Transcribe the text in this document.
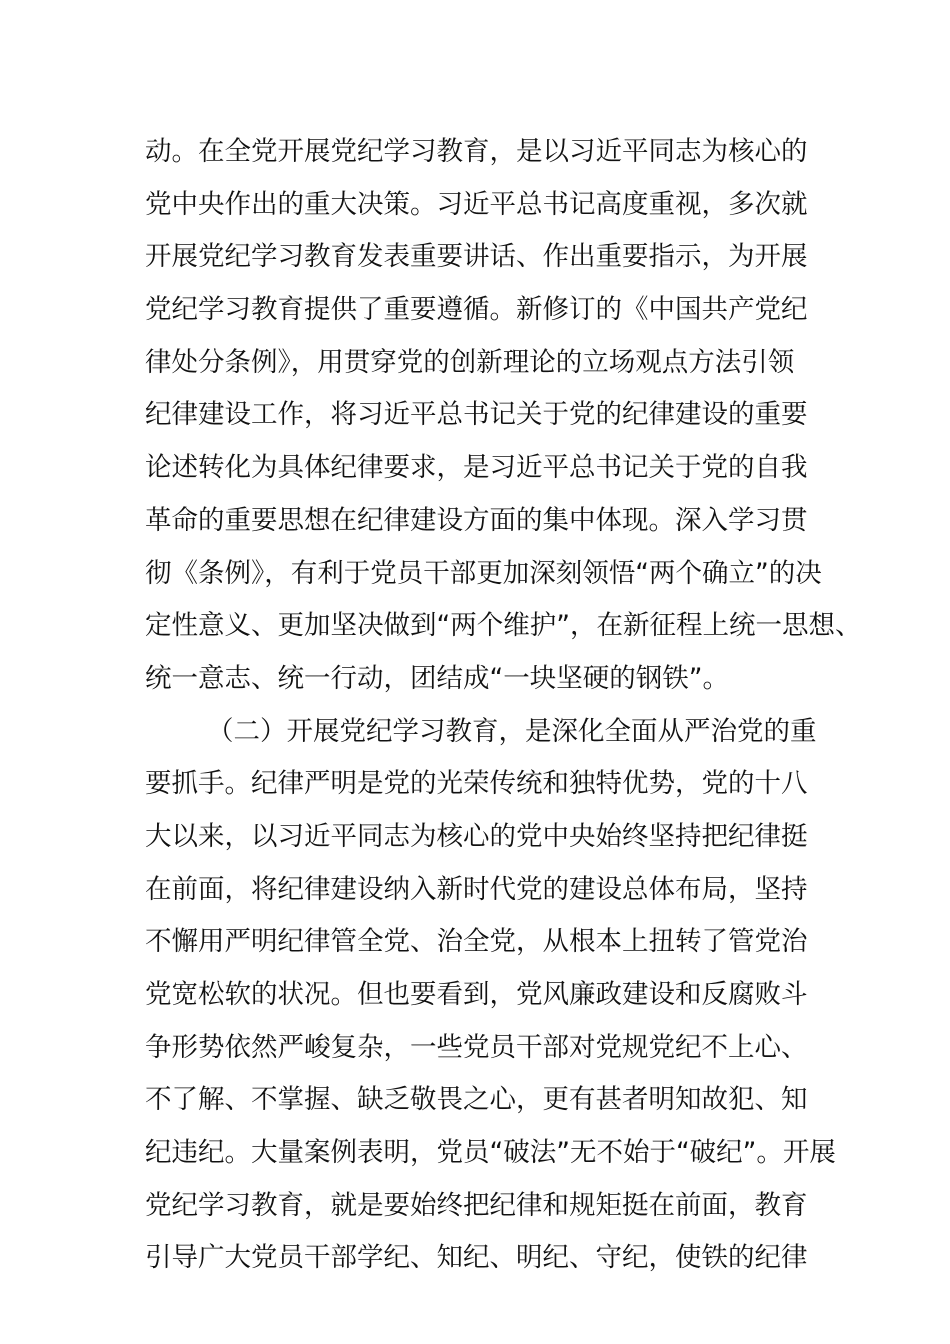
动。在全党开展党纪学习教育，是以习近平同志为核心的
党中央作出的重大决策。习近平总书记高度重视，多次就
开展党纪学习教育发表重要讲话、作出重要指示，为开展
党纪学习教育提供了重要遵循。新修订的《中国共产党纪
律处分条例》，用贯穿党的创新理论的立场观点方法引领
纪律建设工作，将习近平总书记关于党的纪律建设的重要
论述转化为具体纪律要求，是习近平总书记关于党的自我
革命的重要思想在纪律建设方面的集中体现。深入学习贯
彻《条例》，有利于党员干部更加深刻领悟“两个确立”的决
定性意义、更加坚决做到“两个维护”，在新征程上统一思想、
统一意志、统一行动，团结成“一块坚硬的钢铁”。
（二）开展党纪学习教育，是深化全面从严治党的重
要抓手。纪律严明是党的光荣传统和独特优势，党的十八
大以来，以习近平同志为核心的党中央始终坚持把纪律挺
在前面，将纪律建设纳入新时代党的建设总体布局，坚持
不懈用严明纪律管全党、治全党，从根本上扭转了管党治
党宽松软的状况。但也要看到，党风廉政建设和反腐败斗
争形势依然严峻复杂，一些党员干部对党规党纪不上心、
不了解、不掌握、缺乏敬畏之心，更有甚者明知故犯、知
纪违纪。大量案例表明，党员“破法”无不始于“破纪”。开展
党纪学习教育，就是要始终把纪律和规矩挺在前面，教育
引导广大党员干部学纪、知纪、明纪、守纪，使铁的纪律
